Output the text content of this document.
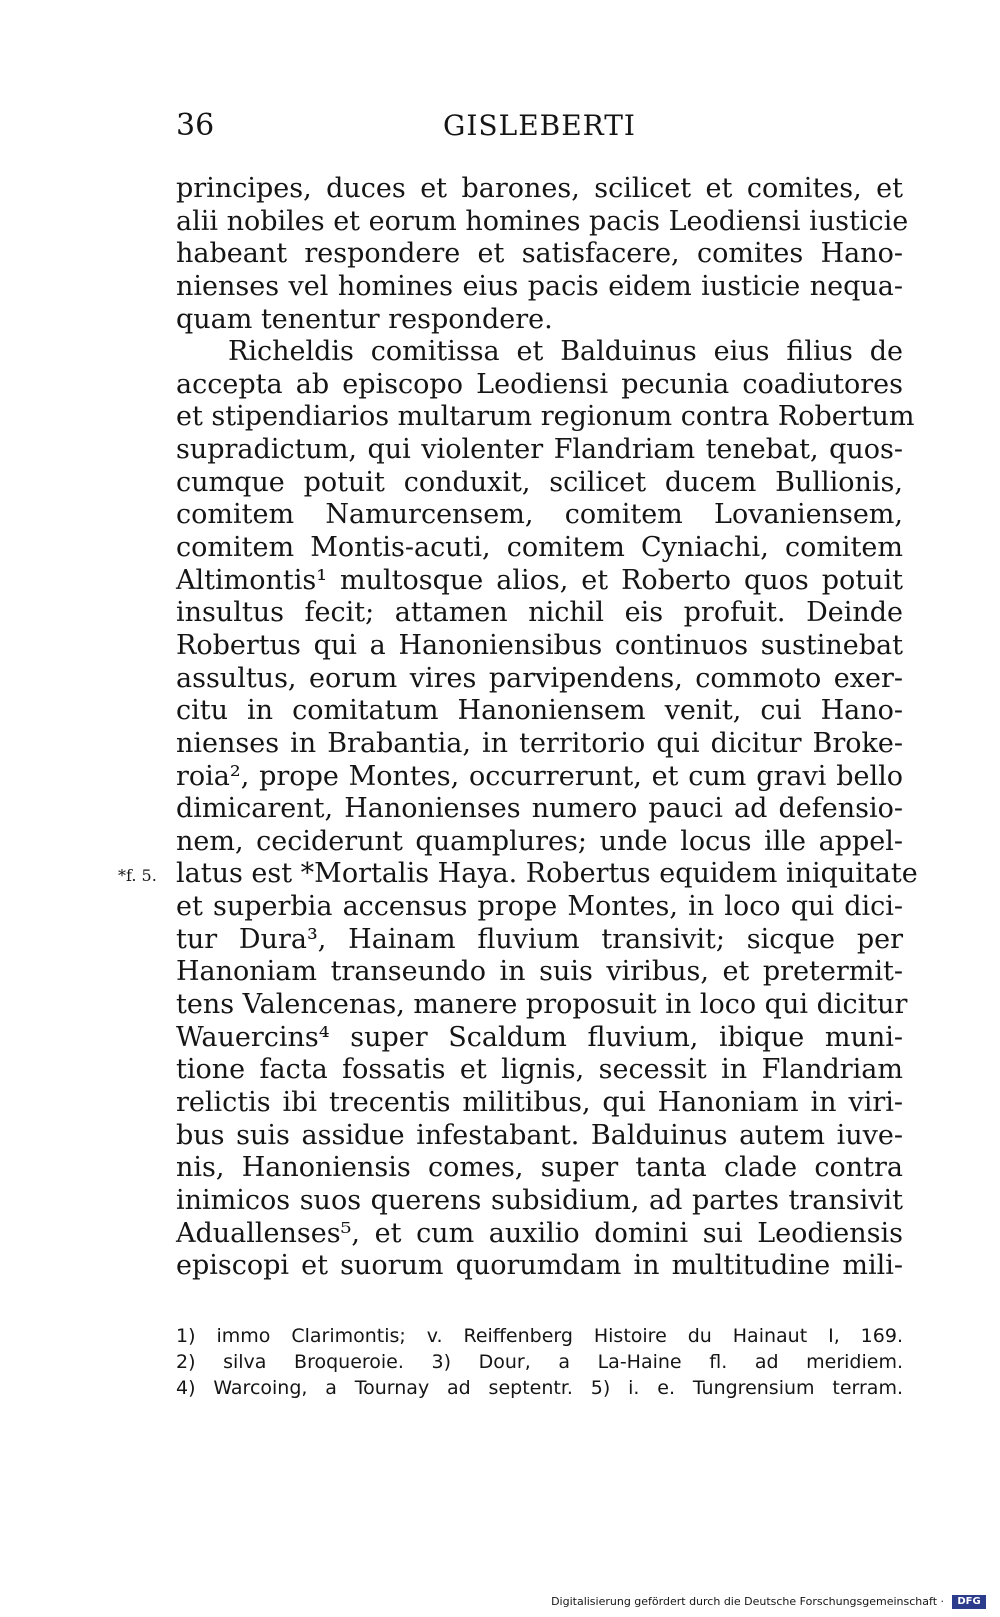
36	GISLEBERTI
principes, duces et barones, scilicet et comites, et
alii nobiles et eorum homines pacis Leodiensi iusticie
habeant respondere et satisfacere, comites Hano-
nienses vel homines eius pacis eidem iusticie nequa-
quam tenentur respondere.
Richeldis comitissa et Balduinus eius filius de
accepta ab episcopo Leodiensi pecunia coadiutores
et stipendiarios multarum regionum contra Robertum
supradictum, qui violenter Flandriam tenebat, quos-
cumque potuit conduxit, scilicet ducem Bullionis,
comitem Namurcensem, comitem Lovaniensem,
comitem Montis-acuti, comitem Cyniachi, comitem
Altimontis¹ multosque alios, et Roberto quos potuit
insultus fecit; attamen nichil eis profuit. Deinde
Robertus qui a Hanoniensibus continuos sustinebat
assultus, eorum vires parvipendens, commoto exer-
citu in comitatum Hanoniensem venit, cui Hano-
nienses in Brabantia, in territorio qui dicitur Broke-
roia², prope Montes, occurrerunt, et cum gravi bello
dimicarent, Hanonienses numero pauci ad defensio-
nem, ceciderunt quamplures; unde locus ille appel-
*f. 5. latus est *Mortalis Haya. Robertus equidem iniquitate
et superbia accensus prope Montes, in loco qui dici-
tur Dura³, Hainam fluvium transivit; sicque per
Hanoniam transeundo in suis viribus, et pretermit-
tens Valencenas, manere proposuit in loco qui dicitur
Wauercins⁴ super Scaldum fluvium, ibique muni-
tione facta fossatis et lignis, secessit in Flandriam
relictis ibi trecentis militibus, qui Hanoniam in viri-
bus suis assidue infestabant. Balduinus autem iuve-
nis, Hanoniensis comes, super tanta clade contra
inimicos suos querens subsidium, ad partes transivit
Aduallenses⁵, et cum auxilio domini sui Leodiensis
episcopi et suorum quorumdam in multitudine mili-
1) immo Clarimontis; v. Reiffenberg Histoire du Hainaut I, 169.
2) silva Broqueroie. 3) Dour, a La-Haine fl. ad meridiem.
4) Warcoing, a Tournay ad septentr. 5) i. e. Tungrensium terram.
Digitalisierung gefördert durch die Deutsche Forschungsgemeinschaft ·	DFG
